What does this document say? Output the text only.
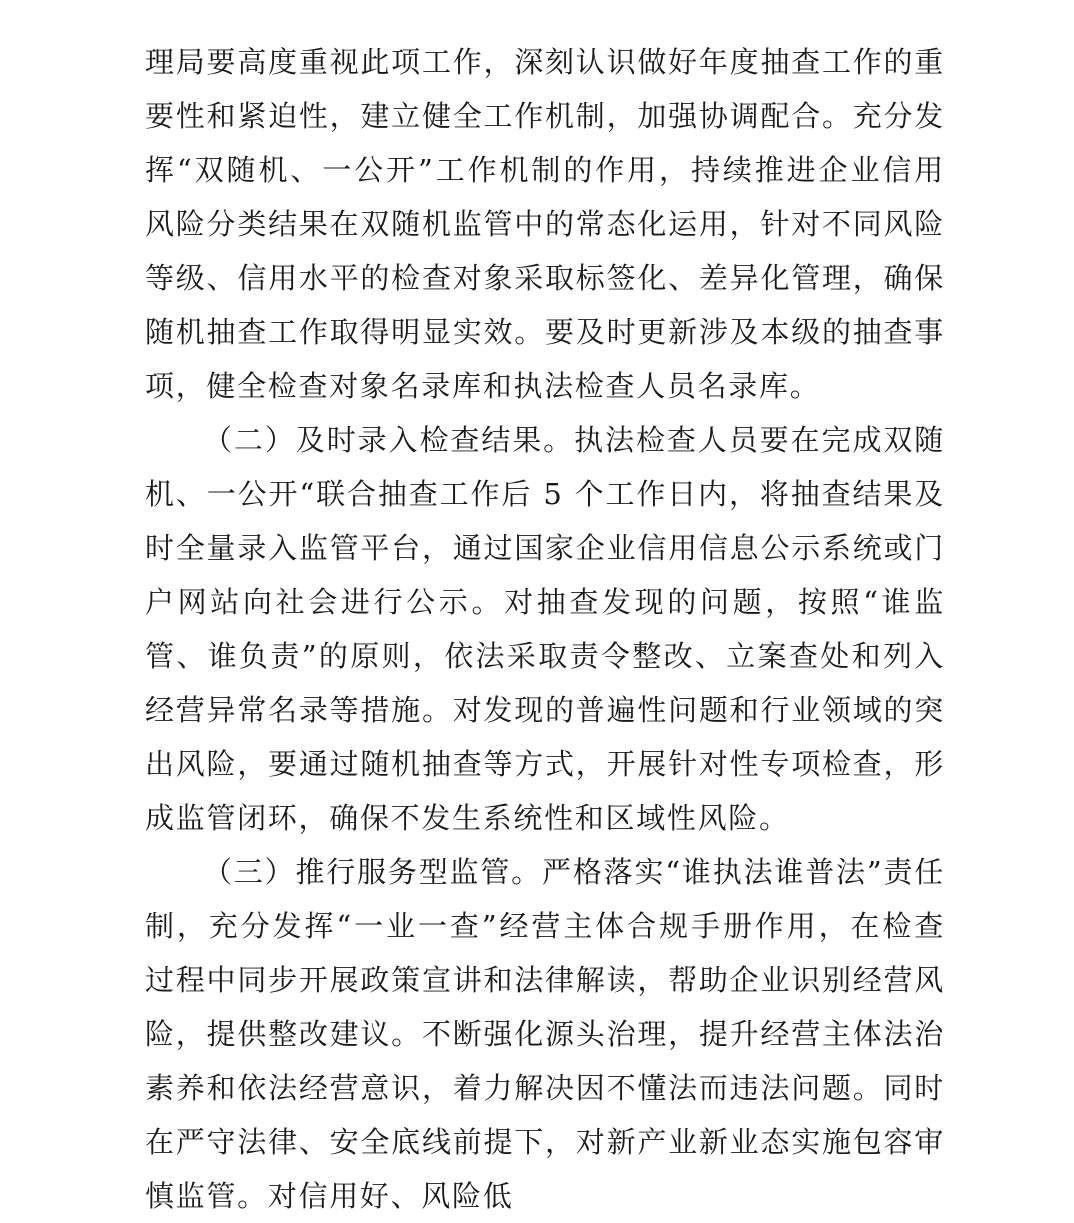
理局要高度重视此项工作，深刻认识做好年度抽查工作的重要性和紧迫性，建立健全工作机制，加强协调配合。充分发挥“双随机、一公开”工作机制的作用，持续推进企业信用风险分类结果在双随机监管中的常态化运用，针对不同风险等级、信用水平的检查对象采取标签化、差异化管理，确保随机抽查工作取得明显实效。要及时更新涉及本级的抽查事项，健全检查对象名录库和执法检查人员名录库。

（二）及时录入检查结果。执法检查人员要在完成双随机、一公开“联合抽查工作后 5 个工作日内，将抽查结果及时全量录入监管平台，通过国家企业信用信息公示系统或门户网站向社会进行公示。对抽查发现的问题，按照“谁监管、谁负责”的原则，依法采取责令整改、立案查处和列入经营异常名录等措施。对发现的普遍性问题和行业领域的突出风险，要通过随机抽查等方式，开展针对性专项检查，形成监管闭环，确保不发生系统性和区域性风险。

（三）推行服务型监管。严格落实“谁执法谁普法”责任制，充分发挥“一业一查”经营主体合规手册作用，在检查过程中同步开展政策宣讲和法律解读，帮助企业识别经营风险，提供整改建议。不断强化源头治理，提升经营主体法治素养和依法经营意识，着力解决因不懂法而违法问题。同时在严守法律、安全底线前提下，对新产业新业态实施包容审慎监管。对信用好、风险低
